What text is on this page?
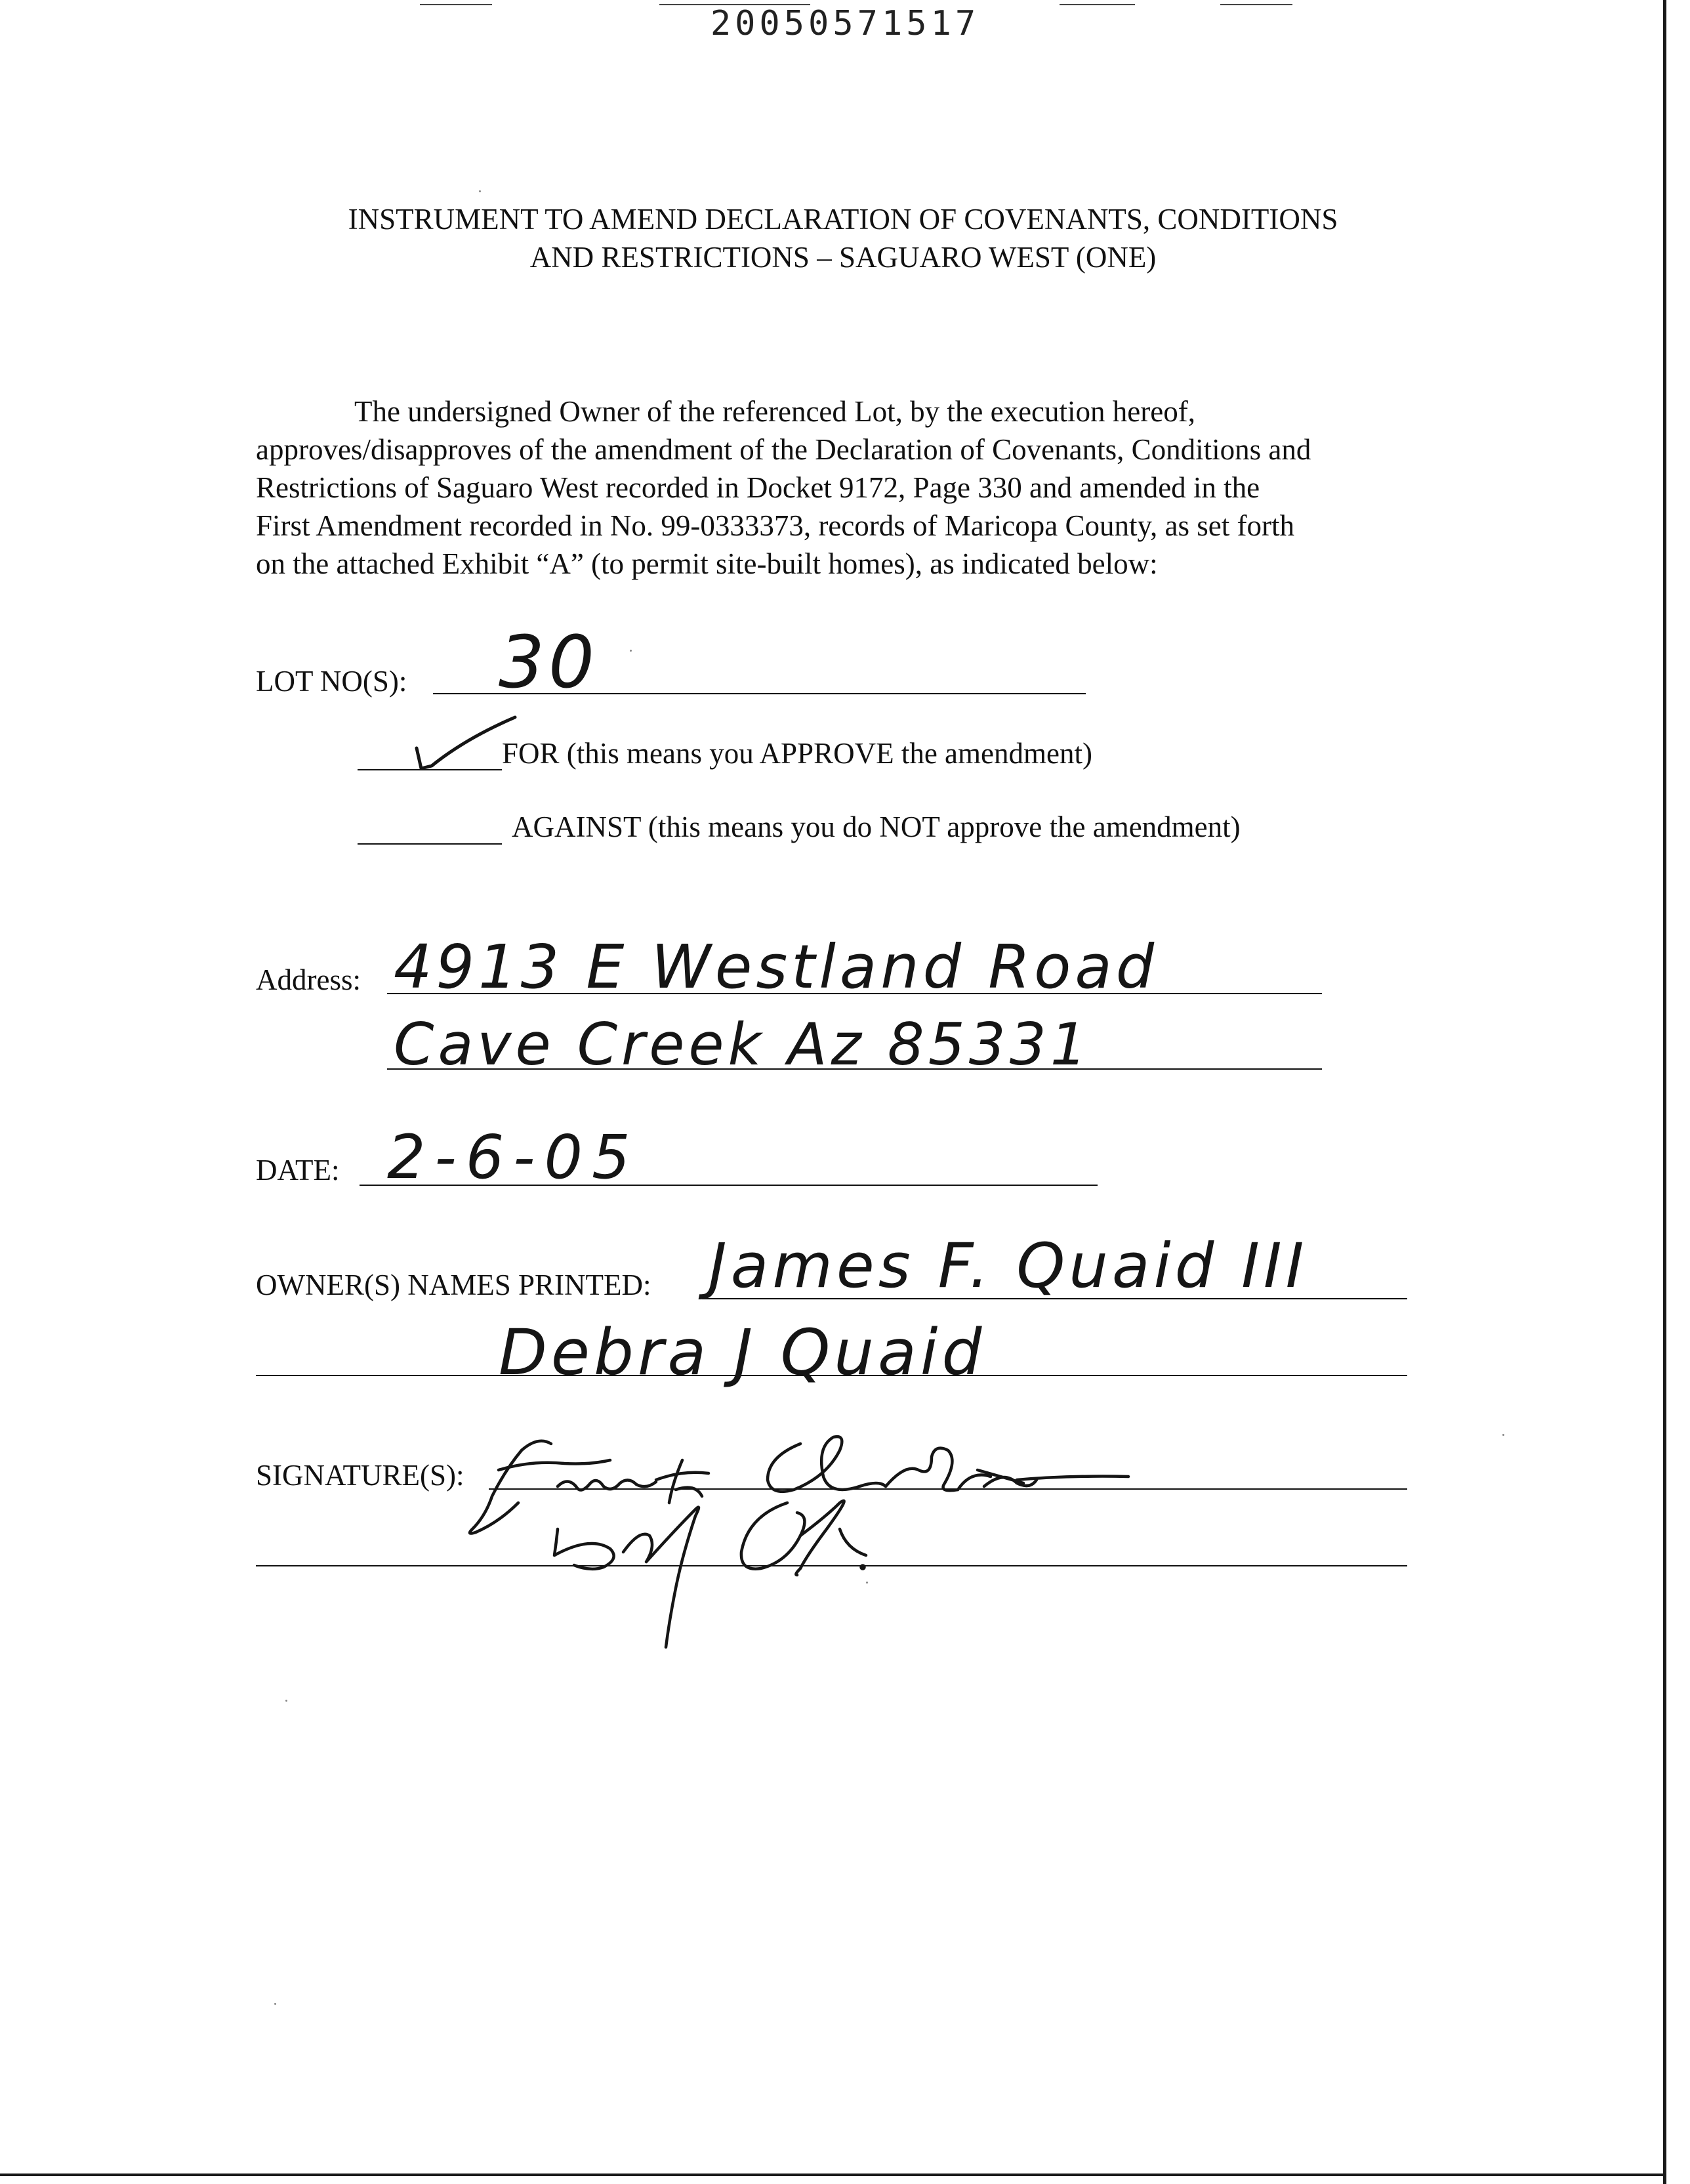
20050571517
INSTRUMENT TO AMEND DECLARATION OF COVENANTS, CONDITIONS
AND RESTRICTIONS – SAGUARO WEST (ONE)
The undersigned Owner of the referenced Lot, by the execution hereof,
approves/disapproves of the amendment of the Declaration of Covenants, Conditions and
Restrictions of Saguaro West recorded in Docket 9172, Page 330 and amended in the
First Amendment recorded in No. 99-0333373, records of Maricopa County, as set forth
on the attached Exhibit “A” (to permit site-built homes), as indicated below:
LOT NO(S): 30
FOR (this means you APPROVE the amendment)
AGAINST (this means you do NOT approve the amendment)
Address: 4913 E Westland Road
Cave Creek Az 85331
DATE: 2-6-05
OWNER(S) NAMES PRINTED: James F. Quaid III
Debra J Quaid
SIGNATURE(S):
